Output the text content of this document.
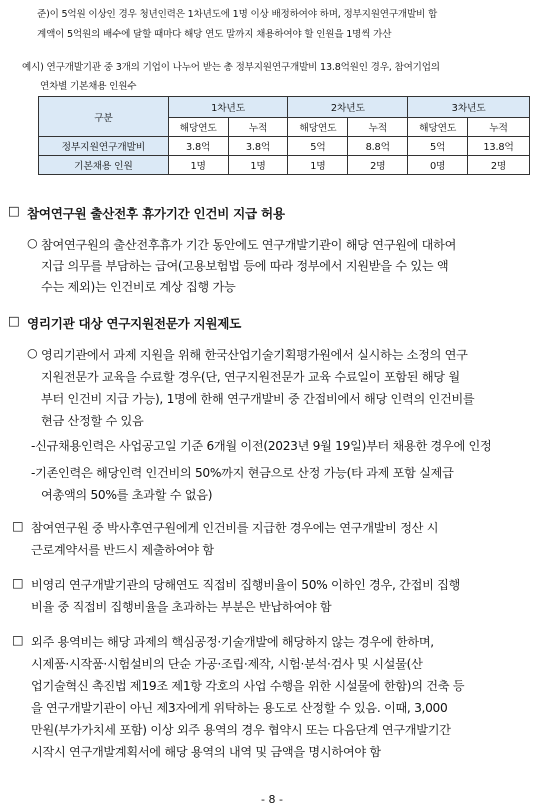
준)이 5억원 이상인 경우 청년인력은 1차년도에 1명 이상 배정하여야 하며, 정부지원연구개발비 합
계액이 5억원의 배수에 달할 때마다 해당 연도 말까지 채용하여야 할 인원을 1명씩 가산
예시) 연구개발기관 중 3개의 기업이 나누어 받는 총 정부지원연구개발비 13.8억원인 경우, 참여기업의
연차별 기본채용 인원수
구분	1차년도		2차년도		3차년도	
	해당연도	누적	해당연도	누적	해당연도	누적
정부지원연구개발비	3.8억	3.8억	5억	8.8억	5억	13.8억
기본채용 인원	1명	1명	1명	2명	0명	2명
□ 참여연구원 출산전후 휴가기간 인건비 지급 허용
○ 참여연구원의 출산전후휴가 기간 동안에도 연구개발기관이 해당 연구원에 대하여
지급 의무를 부담하는 급여(고용보험법 등에 따라 정부에서 지원받을 수 있는 액
수는 제외)는 인건비로 계상 집행 가능
□ 영리기관 대상 연구지원전문가 지원제도
○ 영리기관에서 과제 지원을 위해 한국산업기술기획평가원에서 실시하는 소정의 연구
지원전문가 교육을 수료할 경우(단, 연구지원전문가 교육 수료일이 포함된 해당 월
부터 인건비 지급 가능), 1명에 한해 연구개발비 중 간접비에서 해당 인력의 인건비를
현금 산정할 수 있음
-신규채용인력은 사업공고일 기준 6개월 이전(2023년 9월 19일)부터 채용한 경우에 인정
-기존인력은 해당인력 인건비의 50%까지 현금으로 산정 가능(타 과제 포함 실제급
여총액의 50%를 초과할 수 없음)
□ 참여연구원 중 박사후연구원에게 인건비를 지급한 경우에는 연구개발비 정산 시
근로계약서를 반드시 제출하여야 함
□ 비영리 연구개발기관의 당해연도 직접비 집행비율이 50% 이하인 경우, 간접비 집행
비율 중 직접비 집행비율을 초과하는 부분은 반납하여야 함
□ 외주 용역비는 해당 과제의 핵심공정·기술개발에 해당하지 않는 경우에 한하며,
시제품·시작품·시험설비의 단순 가공·조립·제작, 시험·분석·검사 및 시설물(산
업기술혁신 촉진법 제19조 제1항 각호의 사업 수행을 위한 시설물에 한함)의 건축 등
을 연구개발기관이 아닌 제3자에게 위탁하는 용도로 산정할 수 있음. 이때, 3,000
만원(부가가치세 포함) 이상 외주 용역의 경우 협약시 또는 다음단계 연구개발기간
시작시 연구개발계획서에 해당 용역의 내역 및 금액을 명시하여야 함
- 8 -
